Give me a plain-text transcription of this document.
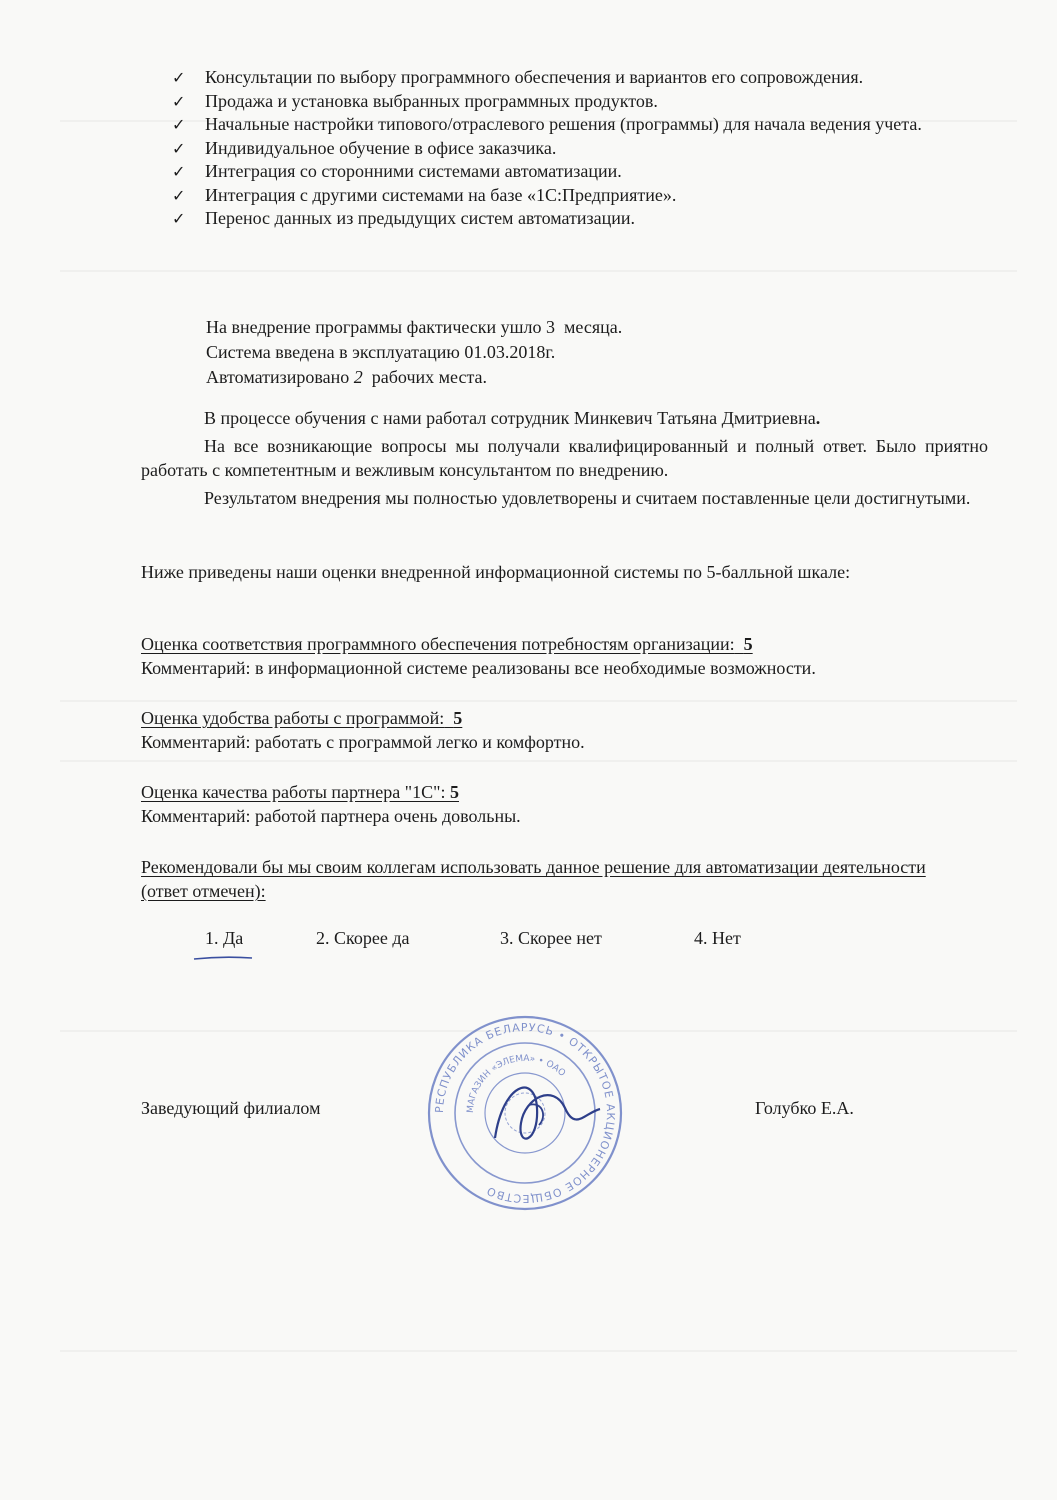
✓ Консультации по выбору программного обеспечения и вариантов его сопровождения.

✓ Продажа и установка выбранных программных продуктов.

✓ Начальные настройки типового/отраслевого решения (программы) для начала ведения учета.

✓ Индивидуальное обучение в офисе заказчика.

✓ Интеграция со сторонними системами автоматизации.

✓ Интеграция с другими системами на базе «1С:Предприятие».

✓ Перенос данных из предыдущих систем автоматизации.

На внедрение программы фактически ушло 3 месяца.

Система введена в эксплуатацию 01.03.2018г.

Автоматизировано 2 рабочих места.

В процессе обучения с нами работал сотрудник Минкевич Татьяна Дмитриевна.

На все возникающие вопросы мы получали квалифицированный и полный ответ. Было приятно работать с компетентным и вежливым консультантом по внедрению.

Результатом внедрения мы полностью удовлетворены и считаем поставленные цели достигнутыми.

Ниже приведены наши оценки внедренной информационной системы по 5-балльной шкале:

Оценка соответствия программного обеспечения потребностям организации: 5
Комментарий: в информационной системе реализованы все необходимые возможности.
Оценка удобства работы с программой: 5
Комментарий: работать с программой легко и комфортно.
Оценка качества работы партнера "1С": 5
Комментарий: работой партнера очень довольны.

Рекомендовали бы мы своим коллегам использовать данное решение для автоматизации деятельности (ответ отмечен):

1. Да	2. Скорее да	3. Скорее нет	4. Нет
РЕСПУБЛИКА БЕЛАРУСЬ • ОТКРЫТОЕ АКЦИОНЕРНОЕ ОБЩЕСТВО
МАГАЗИН «ЭЛЕМА» • ОАО
Заведующий филиалом	Голубко Е.А.
